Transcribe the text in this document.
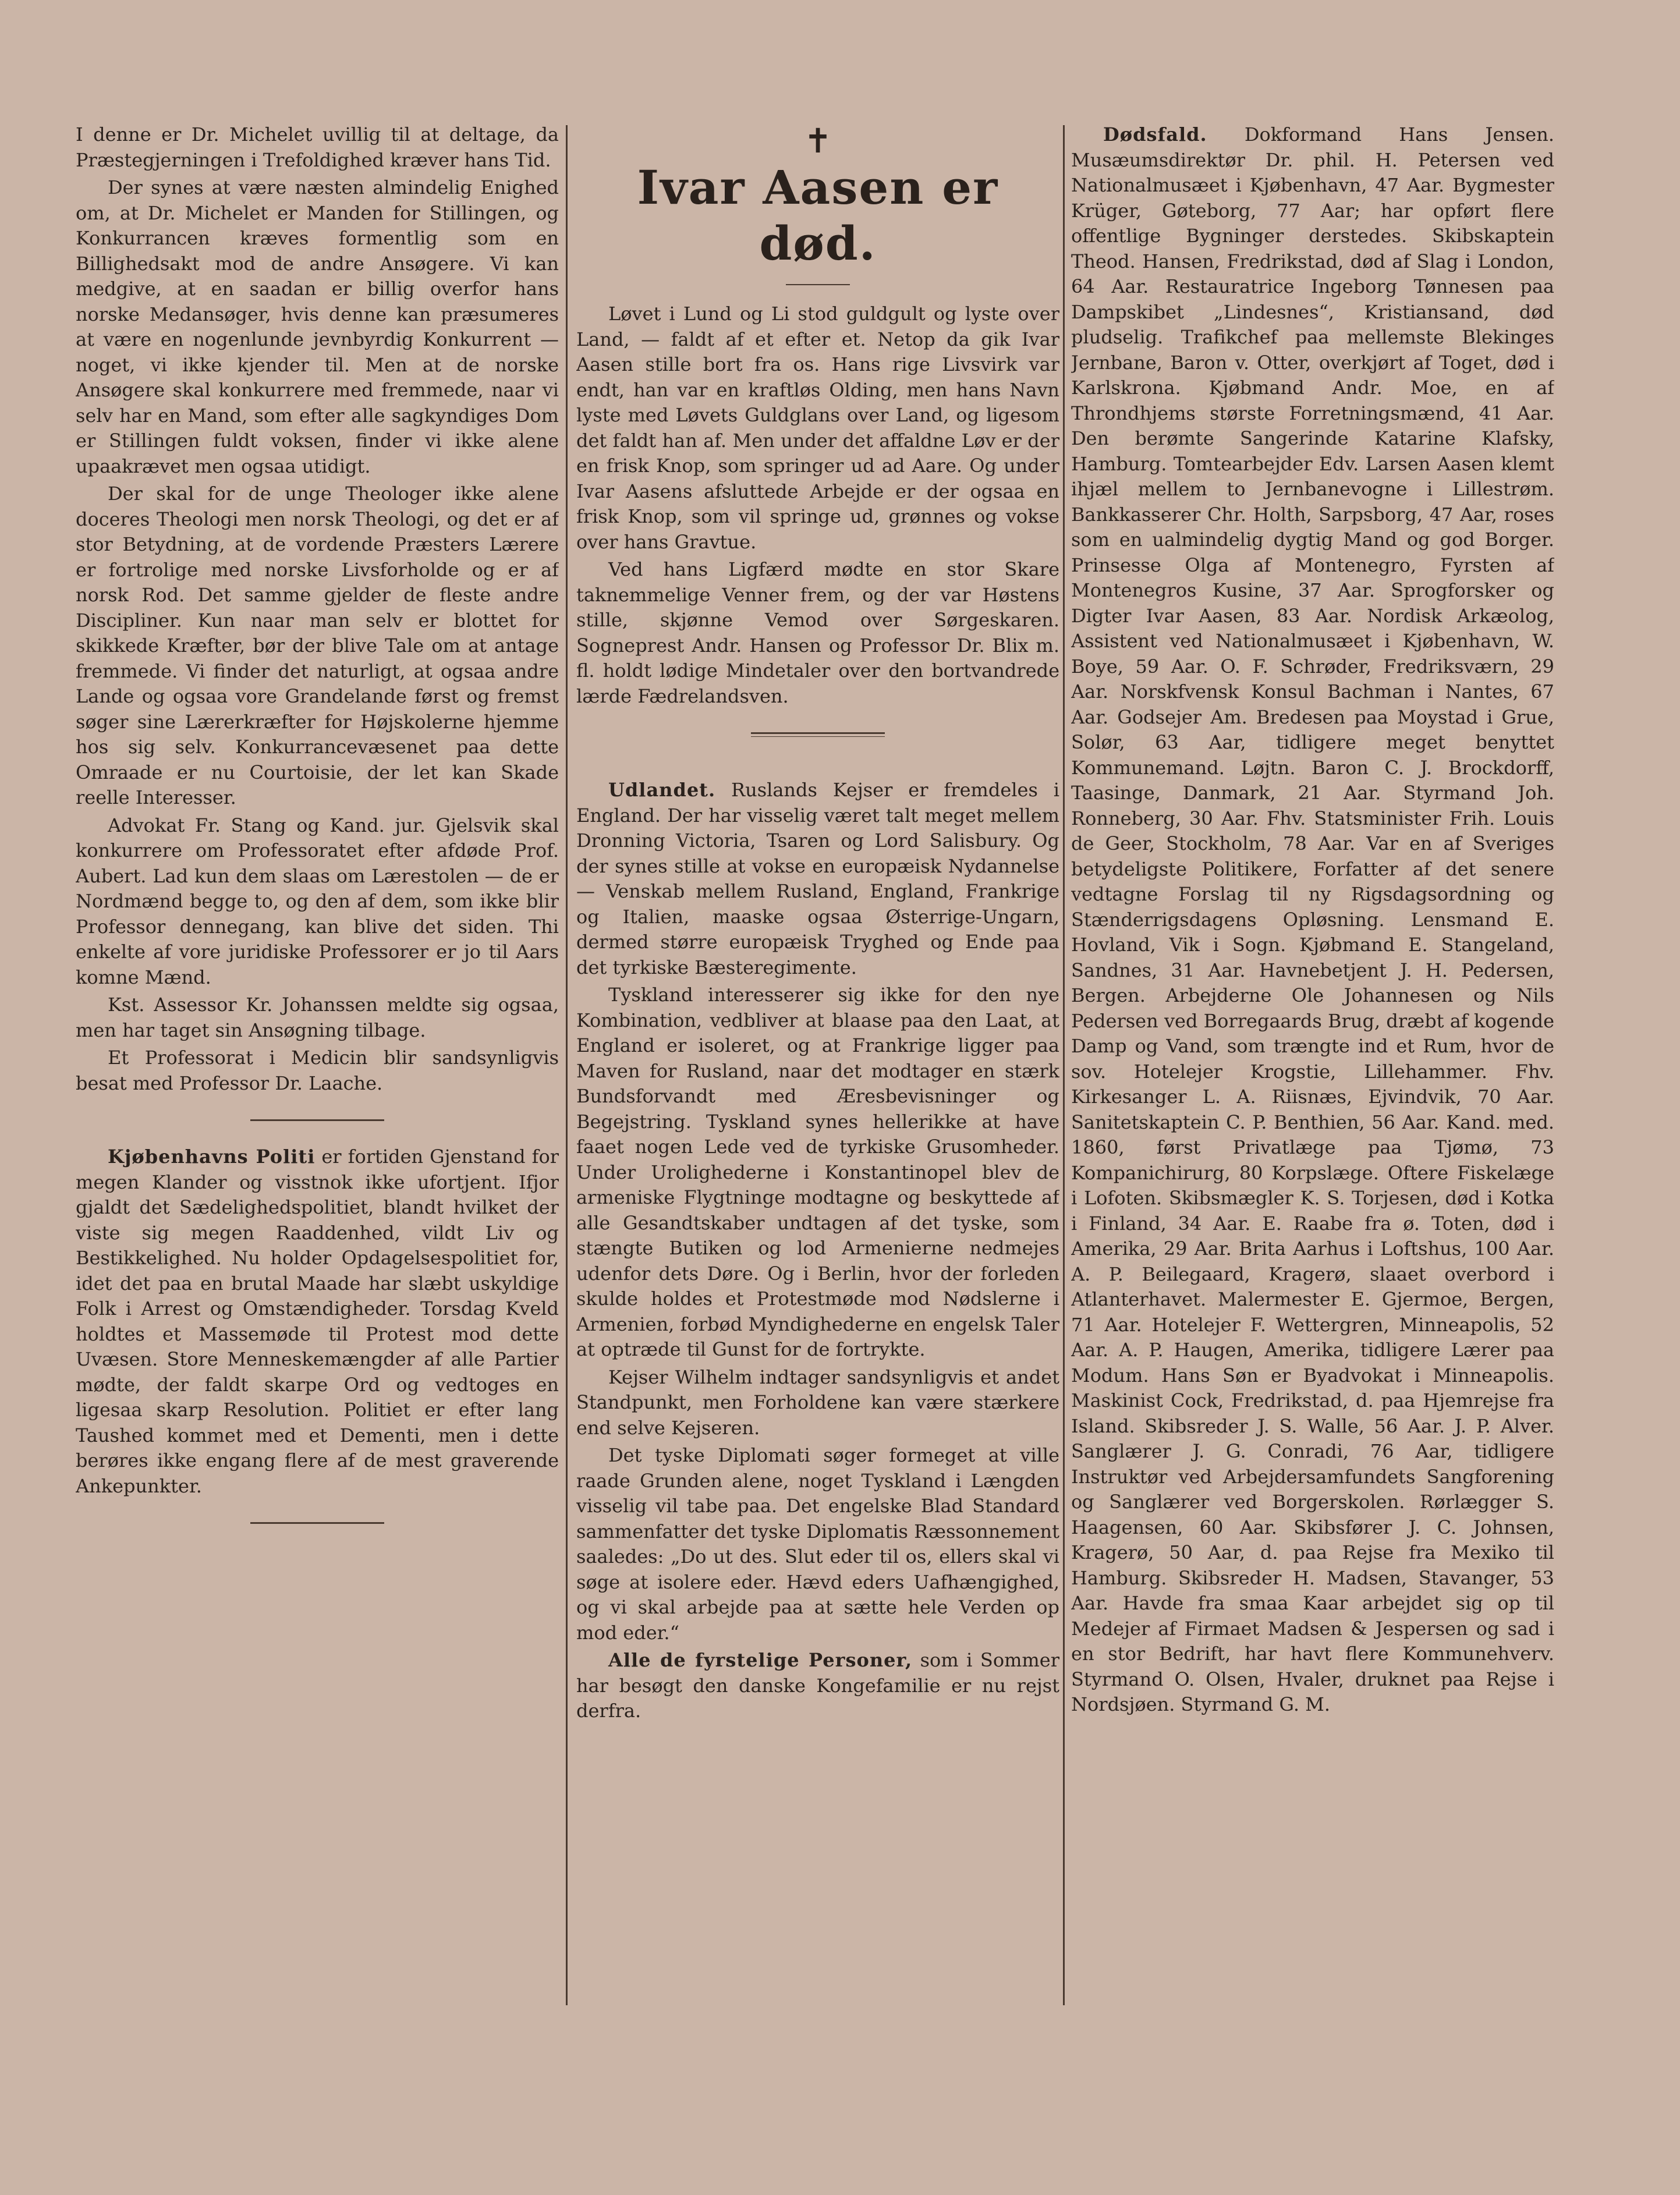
I denne er Dr. Michelet uvillig til at deltage, da Præstegjerningen i Trefoldighed kræver hans Tid.

Der synes at være næsten almindelig Enighed om, at Dr. Michelet er Manden for Stillingen, og Konkurrancen kræves formentlig som en Billighedsakt mod de andre Ansøgere. Vi kan medgive, at en saadan er billig overfor hans norske Medansøger, hvis denne kan præsumeres at være en nogenlunde jevnbyrdig Konkurrent — noget, vi ikke kjender til. Men at de norske Ansøgere skal konkurrere med fremmede, naar vi selv har en Mand, som efter alle sagkyndiges Dom er Stillingen fuldt voksen, finder vi ikke alene upaakrævet men ogsaa utidigt.

Der skal for de unge Theologer ikke alene doceres Theologi men norsk Theologi, og det er af stor Betydning, at de vordende Præsters Lærere er fortrolige med norske Livsforholde og er af norsk Rod. Det samme gjelder de fleste andre Discipliner. Kun naar man selv er blottet for skikkede Kræfter, bør der blive Tale om at antage fremmede. Vi finder det naturligt, at ogsaa andre Lande og ogsaa vore Grandelande først og fremst søger sine Lærerkræfter for Højskolerne hjemme hos sig selv. Konkurrancevæsenet paa dette Omraade er nu Courtoisie, der let kan Skade reelle Interesser.

Advokat Fr. Stang og Kand. jur. Gjelsvik skal konkurrere om Professoratet efter afdøde Prof. Aubert. Lad kun dem slaas om Lærestolen — de er Nordmænd begge to, og den af dem, som ikke blir Professor dennegang, kan blive det siden. Thi enkelte af vore juridiske Professorer er jo til Aars komne Mænd.

Kst. Assessor Kr. Johanssen meldte sig ogsaa, men har taget sin Ansøgning tilbage.

Et Professorat i Medicin blir sandsynligvis besat med Professor Dr. Laache.

Kjøbenhavns Politi er fortiden Gjenstand for megen Klander og visstnok ikke ufortjent. Ifjor gjaldt det Sædelighedspolitiet, blandt hvilket der viste sig megen Raaddenhed, vildt Liv og Bestikkelighed. Nu holder Opdagelsespolitiet for, idet det paa en brutal Maade har slæbt uskyldige Folk i Arrest og Omstændigheder. Torsdag Kveld holdtes et Massemøde til Protest mod dette Uvæsen. Store Menneskemængder af alle Partier mødte, der faldt skarpe Ord og vedtoges en ligesaa skarp Resolution. Politiet er efter lang Taushed kommet med et Dementi, men i dette berøres ikke engang flere af de mest graverende Ankepunkter.

✝
Ivar Aasen er død.

Løvet i Lund og Li stod guldgult og lyste over Land, — faldt af et efter et. Netop da gik Ivar Aasen stille bort fra os. Hans rige Livsvirk var endt, han var en kraftløs Olding, men hans Navn lyste med Løvets Guldglans over Land, og ligesom det faldt han af. Men under det affaldne Løv er der en frisk Knop, som springer ud ad Aare. Og under Ivar Aasens afsluttede Arbejde er der ogsaa en frisk Knop, som vil springe ud, grønnes og vokse over hans Gravtue.

Ved hans Ligfærd mødte en stor Skare taknemmelige Venner frem, og der var Høstens stille, skjønne Vemod over Sørgeskaren. Sogneprest Andr. Hansen og Professor Dr. Blix m. fl. holdt lødige Mindetaler over den bortvandrede lærde Fædrelandsven.

Udlandet. Ruslands Kejser er fremdeles i England. Der har visselig været talt meget mellem Dronning Victoria, Tsaren og Lord Salisbury. Og der synes stille at vokse en europæisk Nydannelse — Venskab mellem Rusland, England, Frankrige og Italien, maaske ogsaa Østerrige-Ungarn, dermed større europæisk Tryghed og Ende paa det tyrkiske Bæsteregimente.

Tyskland interesserer sig ikke for den nye Kombination, vedbliver at blaase paa den Laat, at England er isoleret, og at Frankrige ligger paa Maven for Rusland, naar det modtager en stærk Bundsforvandt med Æresbevisninger og Begejstring. Tyskland synes hellerikke at have faaet nogen Lede ved de tyrkiske Grusomheder. Under Urolighederne i Konstantinopel blev de armeniske Flygtninge modtagne og beskyttede af alle Gesandtskaber undtagen af det tyske, som stængte Butiken og lod Armenierne nedmejes udenfor dets Døre. Og i Berlin, hvor der forleden skulde holdes et Protestmøde mod Nødslerne i Armenien, forbød Myndighederne en engelsk Taler at optræde til Gunst for de fortrykte.

Kejser Wilhelm indtager sandsynligvis et andet Standpunkt, men Forholdene kan være stærkere end selve Kejseren.

Det tyske Diplomati søger formeget at ville raade Grunden alene, noget Tyskland i Længden visselig vil tabe paa. Det engelske Blad Standard sammenfatter det tyske Diplomatis Ræssonnement saaledes: „Do ut des. Slut eder til os, ellers skal vi søge at isolere eder. Hævd eders Uafhængighed, og vi skal arbejde paa at sætte hele Verden op mod eder.“

Alle de fyrstelige Personer, som i Sommer har besøgt den danske Kongefamilie er nu rejst derfra.

Dødsfald. Dokformand Hans Jensen. Musæumsdirektør Dr. phil. H. Petersen ved Nationalmusæet i Kjøbenhavn, 47 Aar. Bygmester Krüger, Gøteborg, 77 Aar; har opført flere offentlige Bygninger derstedes. Skibskaptein Theod. Hansen, Fredrikstad, død af Slag i London, 64 Aar. Restauratrice Ingeborg Tønnesen paa Dampskibet „Lindesnes“, Kristiansand, død pludselig. Trafikchef paa mellemste Blekinges Jernbane, Baron v. Otter, overkjørt af Toget, død i Karlskrona. Kjøbmand Andr. Moe, en af Throndhjems største Forretningsmænd, 41 Aar. Den berømte Sangerinde Katarine Klafsky, Hamburg. Tomtearbejder Edv. Larsen Aasen klemt ihjæl mellem to Jernbanevogne i Lillestrøm. Bankkasserer Chr. Holth, Sarpsborg, 47 Aar, roses som en ualmindelig dygtig Mand og god Borger. Prinsesse Olga af Montenegro, Fyrsten af Montenegros Kusine, 37 Aar. Sprogforsker og Digter Ivar Aasen, 83 Aar. Nordisk Arkæolog, Assistent ved Nationalmusæet i Kjøbenhavn, W. Boye, 59 Aar. O. F. Schrøder, Fredriksværn, 29 Aar. Norskfvensk Konsul Bachman i Nantes, 67 Aar. Godsejer Am. Bredesen paa Moystad i Grue, Solør, 63 Aar, tidligere meget benyttet Kommunemand. Løjtn. Baron C. J. Brockdorff, Taasinge, Danmark, 21 Aar. Styrmand Joh. Ronneberg, 30 Aar. Fhv. Statsminister Frih. Louis de Geer, Stockholm, 78 Aar. Var en af Sveriges betydeligste Politikere, Forfatter af det senere vedtagne Forslag til ny Rigsdagsordning og Stænderrigsdagens Opløsning. Lensmand E. Hovland, Vik i Sogn. Kjøbmand E. Stangeland, Sandnes, 31 Aar. Havnebetjent J. H. Pedersen, Bergen. Arbejderne Ole Johannesen og Nils Pedersen ved Borregaards Brug, dræbt af kogende Damp og Vand, som trængte ind et Rum, hvor de sov. Hotelejer Krogstie, Lillehammer. Fhv. Kirkesanger L. A. Riisnæs, Ejvindvik, 70 Aar. Sanitetskaptein C. P. Benthien, 56 Aar. Kand. med. 1860, først Privatlæge paa Tjømø, 73 Kompanichirurg, 80 Korpslæge. Oftere Fiskelæge i Lofoten. Skibsmægler K. S. Torjesen, død i Kotka i Finland, 34 Aar. E. Raabe fra ø. Toten, død i Amerika, 29 Aar. Brita Aarhus i Loftshus, 100 Aar. A. P. Beilegaard, Kragerø, slaaet overbord i Atlanterhavet. Malermester E. Gjermoe, Bergen, 71 Aar. Hotelejer F. Wettergren, Minneapolis, 52 Aar. A. P. Haugen, Amerika, tidligere Lærer paa Modum. Hans Søn er Byadvokat i Minneapolis. Maskinist Cock, Fredrikstad, d. paa Hjemrejse fra Island. Skibsreder J. S. Walle, 56 Aar. J. P. Alver. Sanglærer J. G. Conradi, 76 Aar, tidligere Instruktør ved Arbejdersamfundets Sangforening og Sanglærer ved Borgerskolen. Rørlægger S. Haagensen, 60 Aar. Skibsfører J. C. Johnsen, Kragerø, 50 Aar, d. paa Rejse fra Mexiko til Hamburg. Skibsreder H. Madsen, Stavanger, 53 Aar. Havde fra smaa Kaar arbejdet sig op til Medejer af Firmaet Madsen & Jespersen og sad i en stor Bedrift, har havt flere Kommunehverv. Styrmand O. Olsen, Hvaler, druknet paa Rejse i Nordsjøen. Styrmand G. M.
